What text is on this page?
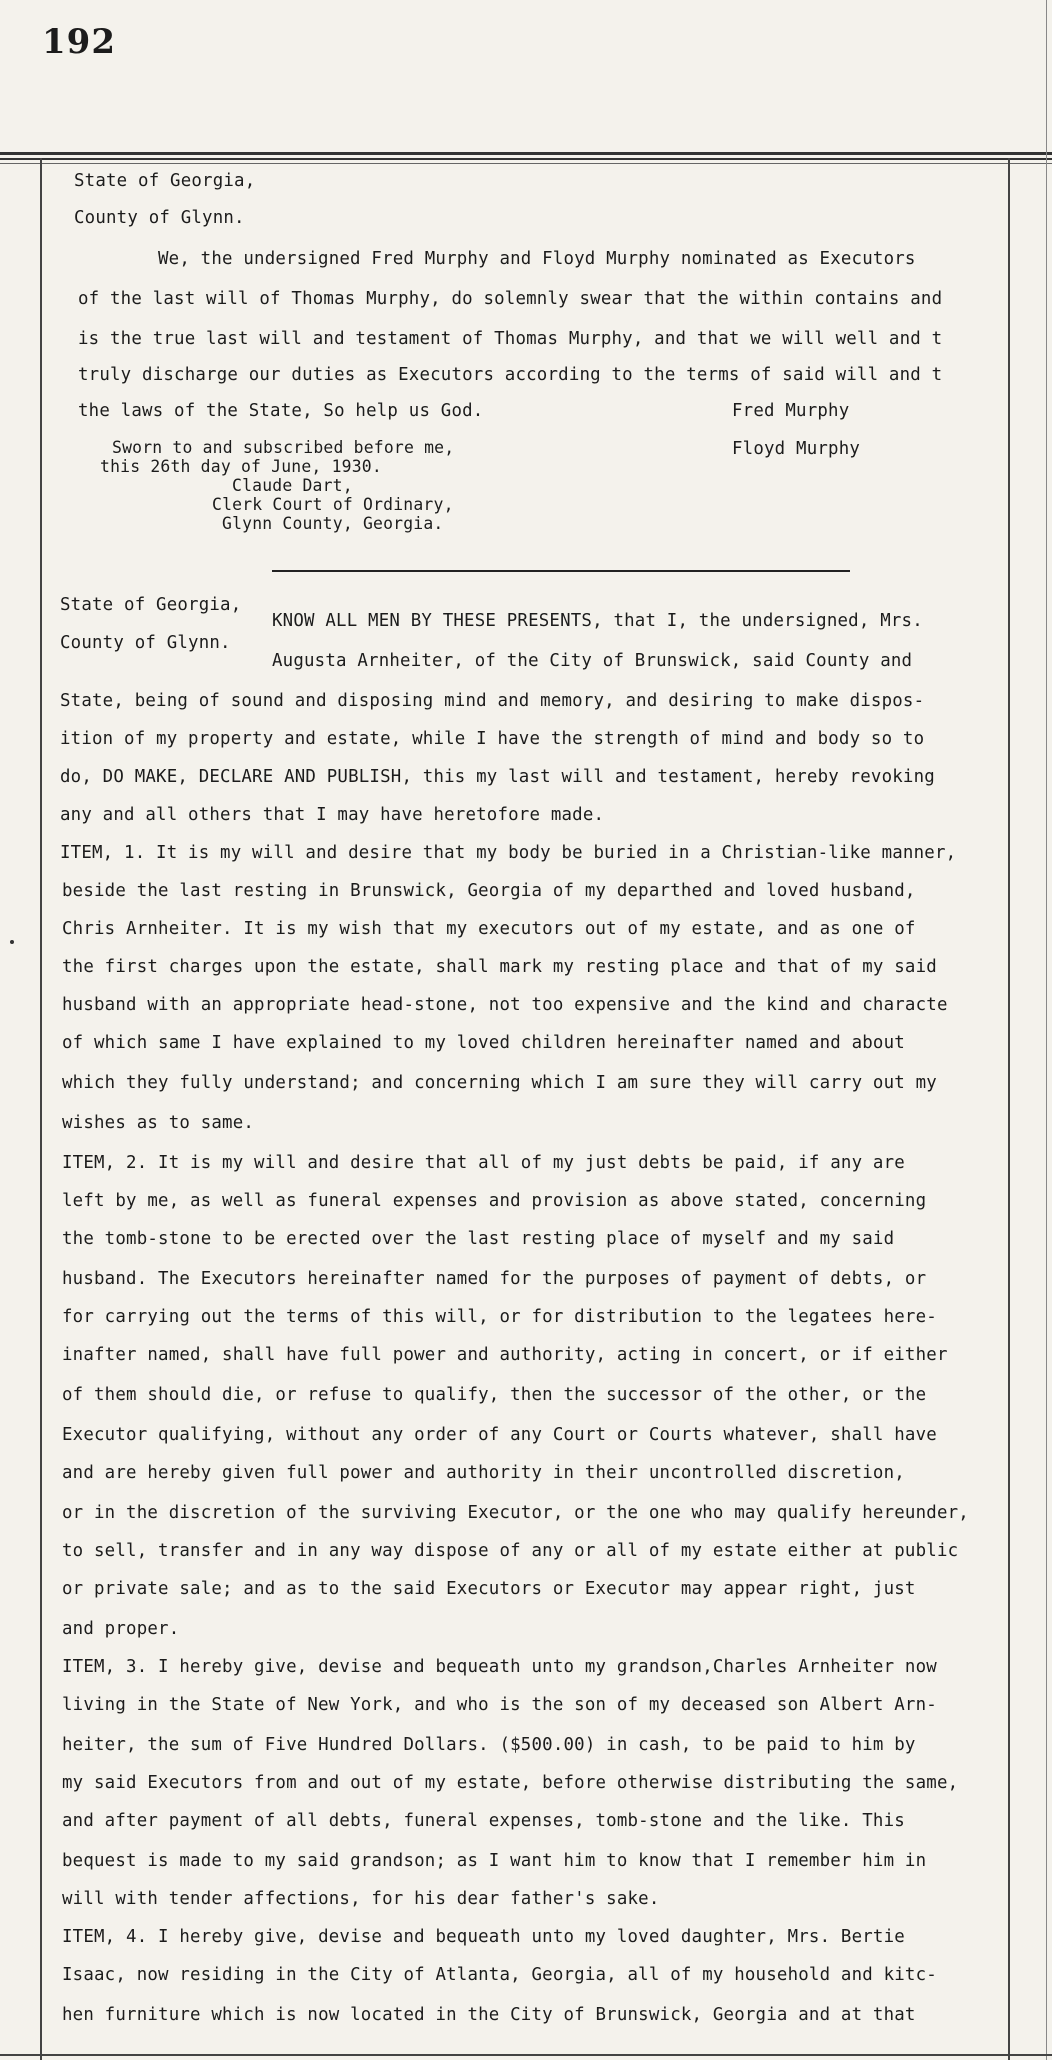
192
State of Georgia,
County of Glynn.
We, the undersigned Fred Murphy and Floyd Murphy nominated as Executors
of the last will of Thomas Murphy, do solemnly swear that the within contains and
is the true last will and testament of Thomas Murphy, and that we will well and t
truly discharge our duties as Executors according to the terms of said will and t
the laws of the State, So help us God.	Fred Murphy
Floyd Murphy
Sworn to and subscribed before me,
this 26th day of June, 1930.
Claude Dart,
Clerk Court of Ordinary,
Glynn County, Georgia.
State of Georgia,
County of Glynn.
KNOW ALL MEN BY THESE PRESENTS, that I, the undersigned, Mrs.
Augusta Arnheiter, of the City of Brunswick, said County and
State, being of sound and disposing mind and memory, and desiring to make dispos-
ition of my property and estate, while I have the strength of mind and body so to
do, DO MAKE, DECLARE AND PUBLISH, this my last will and testament, hereby revoking
any and all others that I may have heretofore made.
ITEM, 1. It is my will and desire that my body be buried in a Christian-like manner,
beside the last resting in Brunswick, Georgia of my departhed and loved husband,
Chris Arnheiter. It is my wish that my executors out of my estate, and as one of
the first charges upon the estate, shall mark my resting place and that of my said
husband with an appropriate head-stone, not too expensive and the kind and characte
of which same I have explained to my loved children hereinafter named and about
which they fully understand; and concerning which I am sure they will carry out my
wishes as to same.
ITEM, 2. It is my will and desire that all of my just debts be paid, if any are
left by me, as well as funeral expenses and provision as above stated, concerning
the tomb-stone to be erected over the last resting place of myself and my said
husband. The Executors hereinafter named for the purposes of payment of debts, or
for carrying out the terms of this will, or for distribution to the legatees here-
inafter named, shall have full power and authority, acting in concert, or if either
of them should die, or refuse to qualify, then the successor of the other, or the
Executor qualifying, without any order of any Court or Courts whatever, shall have
and are hereby given full power and authority in their uncontrolled discretion,
or in the discretion of the surviving Executor, or the one who may qualify hereunder,
to sell, transfer and in any way dispose of any or all of my estate either at public
or private sale; and as to the said Executors or Executor may appear right, just
and proper.
ITEM, 3. I hereby give, devise and bequeath unto my grandson,Charles Arnheiter now
living in the State of New York, and who is the son of my deceased son Albert Arn-
heiter, the sum of Five Hundred Dollars. ($500.00) in cash, to be paid to him by
my said Executors from and out of my estate, before otherwise distributing the same,
and after payment of all debts, funeral expenses, tomb-stone and the like. This
bequest is made to my said grandson; as I want him to know that I remember him in
will with tender affections, for his dear father's sake.
ITEM, 4. I hereby give, devise and bequeath unto my loved daughter, Mrs. Bertie
Isaac, now residing in the City of Atlanta, Georgia, all of my household and kitc-
hen furniture which is now located in the City of Brunswick, Georgia and at that
